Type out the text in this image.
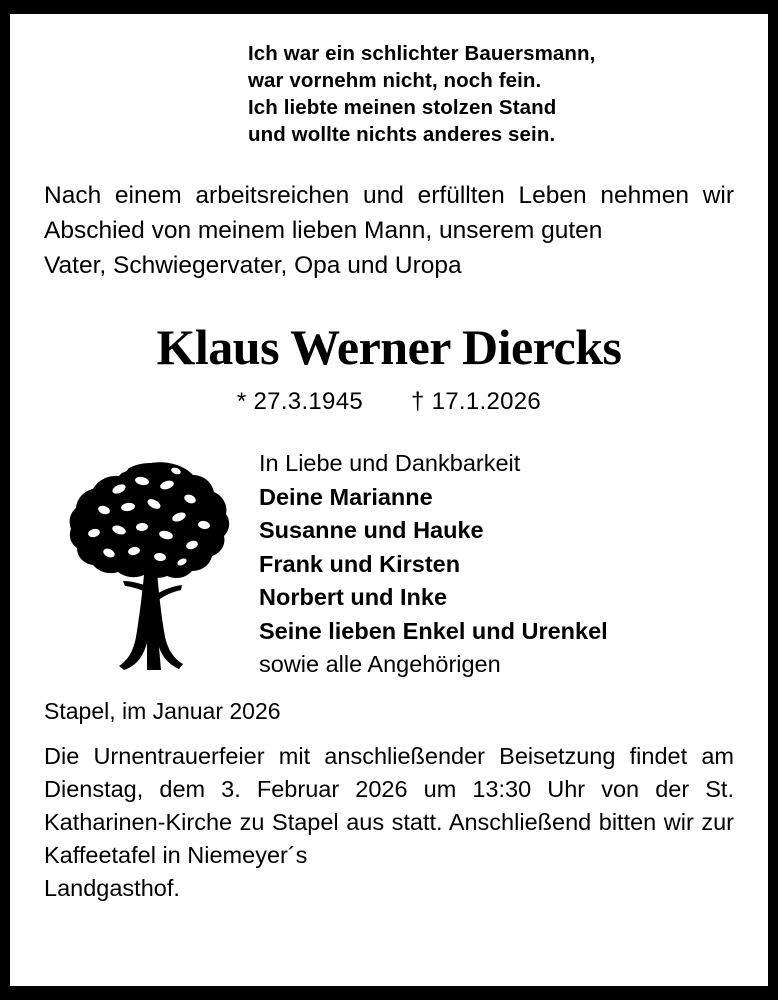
Ich war ein schlichter Bauersmann,
war vornehm nicht, noch fein.
Ich liebte meinen stolzen Stand
und wollte nichts anderes sein.

Nach einem arbeitsreichen und erfüllten Leben nehmen wir Abschied von meinem lieben Mann, unserem guten
Vater, Schwiegervater, Opa und Uropa

Klaus Werner Diercks
* 27.3.1945 † 17.1.2026
In Liebe und Dankbarkeit
Deine Marianne
Susanne und Hauke
Frank und Kirsten
Norbert und Inke
Seine lieben Enkel und Urenkel
sowie alle Angehörigen
Stapel, im Januar 2026

Die Urnentrauerfeier mit anschließender Beisetzung findet am Dienstag, dem 3. Februar 2026 um 13:30 Uhr von der St. Katharinen-Kirche zu Stapel aus statt. Anschließend bitten wir zur Kaffeetafel in Niemeyer´s
Landgasthof.
